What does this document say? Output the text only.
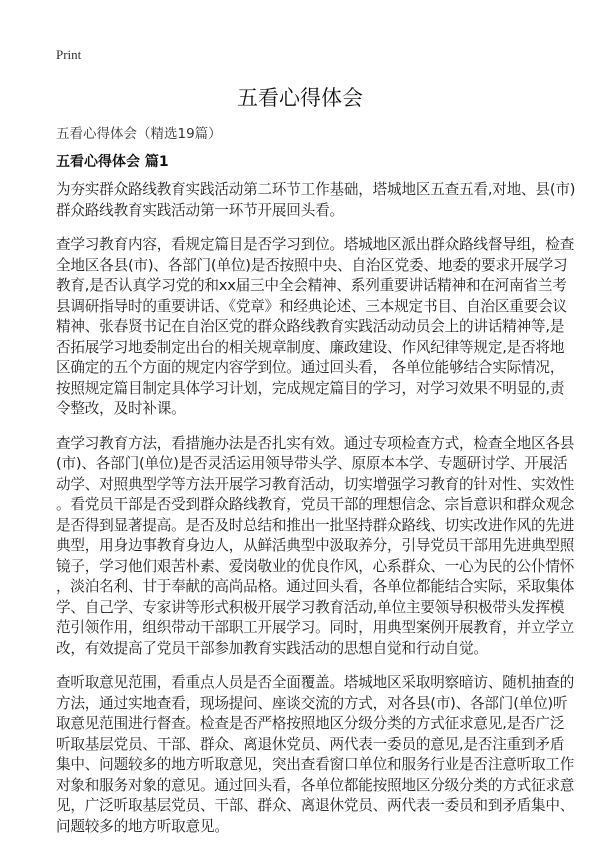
Print
五看心得体会
五看心得体会（精选19篇）
五看心得体会 篇1
为夯实群众路线教育实践活动第二环节工作基础，塔城地区五查五看,对地、县(市)
群众路线教育实践活动第一环节开展回头看。
查学习教育内容，看规定篇目是否学习到位。塔城地区派出群众路线督导组，检查
全地区各县(市)、各部门(单位)是否按照中央、自治区党委、地委的要求开展学习
教育,是否认真学习党的和xx届三中全会精神、系列重要讲话精神和在河南省兰考
县调研指导时的重要讲话、《党章》和经典论述、三本规定书目、自治区重要会议
精神、张春贤书记在自治区党的群众路线教育实践活动动员会上的讲话精神等,是
否拓展学习地委制定出台的相关规章制度、廉政建设、作风纪律等规定,是否将地
区确定的五个方面的规定内容学到位。通过回头看， 各单位能够结合实际情况，
按照规定篇目制定具体学习计划，完成规定篇目的学习，对学习效果不明显的,责
令整改，及时补课。
查学习教育方法，看措施办法是否扎实有效。通过专项检查方式，检查全地区各县
(市)、各部门(单位)是否灵活运用领导带头学、原原本本学、专题研讨学、开展活
动学、对照典型学等方法开展学习教育活动，切实增强学习教育的针对性、实效性
。看党员干部是否受到群众路线教育，党员干部的理想信念、宗旨意识和群众观念
是否得到显著提高。是否及时总结和推出一批坚持群众路线、切实改进作风的先进
典型，用身边事教育身边人，从鲜活典型中汲取养分，引导党员干部用先进典型照
镜子，学习他们艰苦朴素、爱岗敬业的优良作风，心系群众、一心为民的公仆情怀
，淡泊名利、甘于奉献的高尚品格。通过回头看，各单位都能结合实际，采取集体
学、自己学、专家讲等形式积极开展学习教育活动,单位主要领导积极带头发挥模
范引领作用，组织带动干部职工开展学习。同时，用典型案例开展教育，并立学立
改，有效提高了党员干部参加教育实践活动的思想自觉和行动自觉。
查听取意见范围，看重点人员是否全面覆盖。塔城地区采取明察暗访、随机抽查的
方法，通过实地查看，现场提问、座谈交流的方式，对各县(市)、各部门(单位)听
取意见范围进行督查。检查是否严格按照地区分级分类的方式征求意见,是否广泛
听取基层党员、干部、群众、离退休党员、两代表一委员的意见,是否注重到矛盾
集中、问题较多的地方听取意见，突出查看窗口单位和服务行业是否注意听取工作
对象和服务对象的意见。通过回头看，各单位都能按照地区分级分类的方式征求意
见，广泛听取基层党员、干部、群众、离退休党员、两代表一委员和到矛盾集中、
问题较多的地方听取意见。
